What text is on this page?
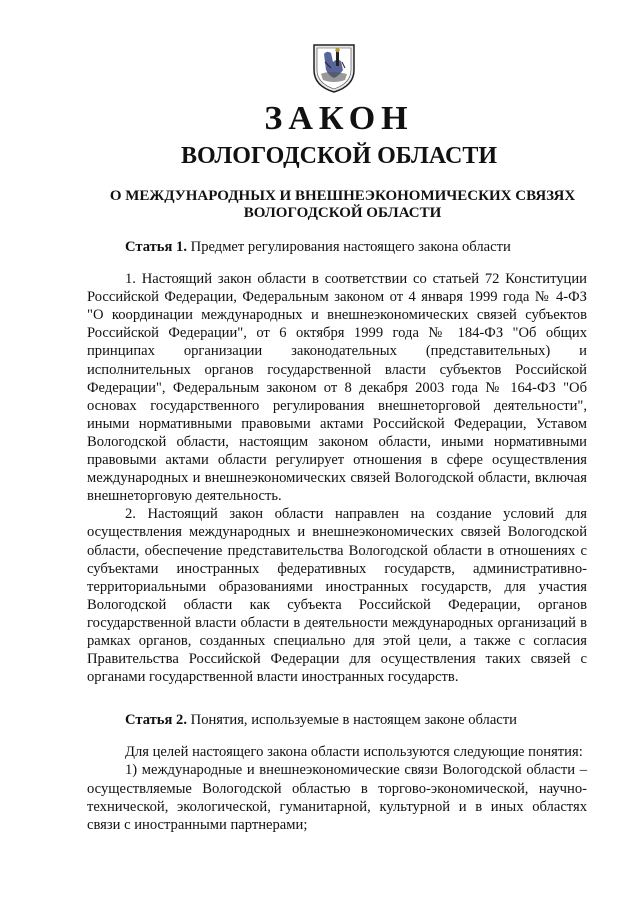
ЗАКОН
ВОЛОГОДСКОЙ ОБЛАСТИ
О МЕЖДУНАРОДНЫХ И ВНЕШНЕЭКОНОМИЧЕСКИХ СВЯЗЯХ ВОЛОГОДСКОЙ ОБЛАСТИ

Статья 1. Предмет регулирования настоящего закона области

1. Настоящий закон области в соответствии со статьей 72 Конституции Российской Федерации, Федеральным законом от 4 января 1999 года № 4-ФЗ "О координации международных и внешнеэкономических связей субъектов Российской Федерации", от 6 октября 1999 года № 184-ФЗ "Об общих принципах организации законодательных (представительных) и исполнительных органов государственной власти субъектов Российской Федерации", Федеральным законом от 8 декабря 2003 года № 164-ФЗ "Об основах государственного регулирования внешнеторговой деятельности", иными нормативными правовыми актами Российской Федерации, Уставом Вологодской области, настоящим законом области, иными нормативными правовыми актами области регулирует отношения в сфере осуществления международных и внешнеэкономических связей Вологодской области, включая внешнеторговую деятельность.

2. Настоящий закон области направлен на создание условий для осуществления международных и внешнеэкономических связей Вологодской области, обеспечение представительства Вологодской области в отношениях с субъектами иностранных федеративных государств, административно-территориальными образованиями иностранных государств, для участия Вологодской области как субъекта Российской Федерации, органов государственной власти области в деятельности международных организаций в рамках органов, созданных специально для этой цели, а также с согласия Правительства Российской Федерации для осуществления таких связей с органами государственной власти иностранных государств.

Статья 2. Понятия, используемые в настоящем законе области

Для целей настоящего закона области используются следующие понятия:

1) международные и внешнеэкономические связи Вологодской области – осуществляемые Вологодской областью в торгово-экономической, научно-технической, экологической, гуманитарной, культурной и в иных областях связи с иностранными партнерами;
